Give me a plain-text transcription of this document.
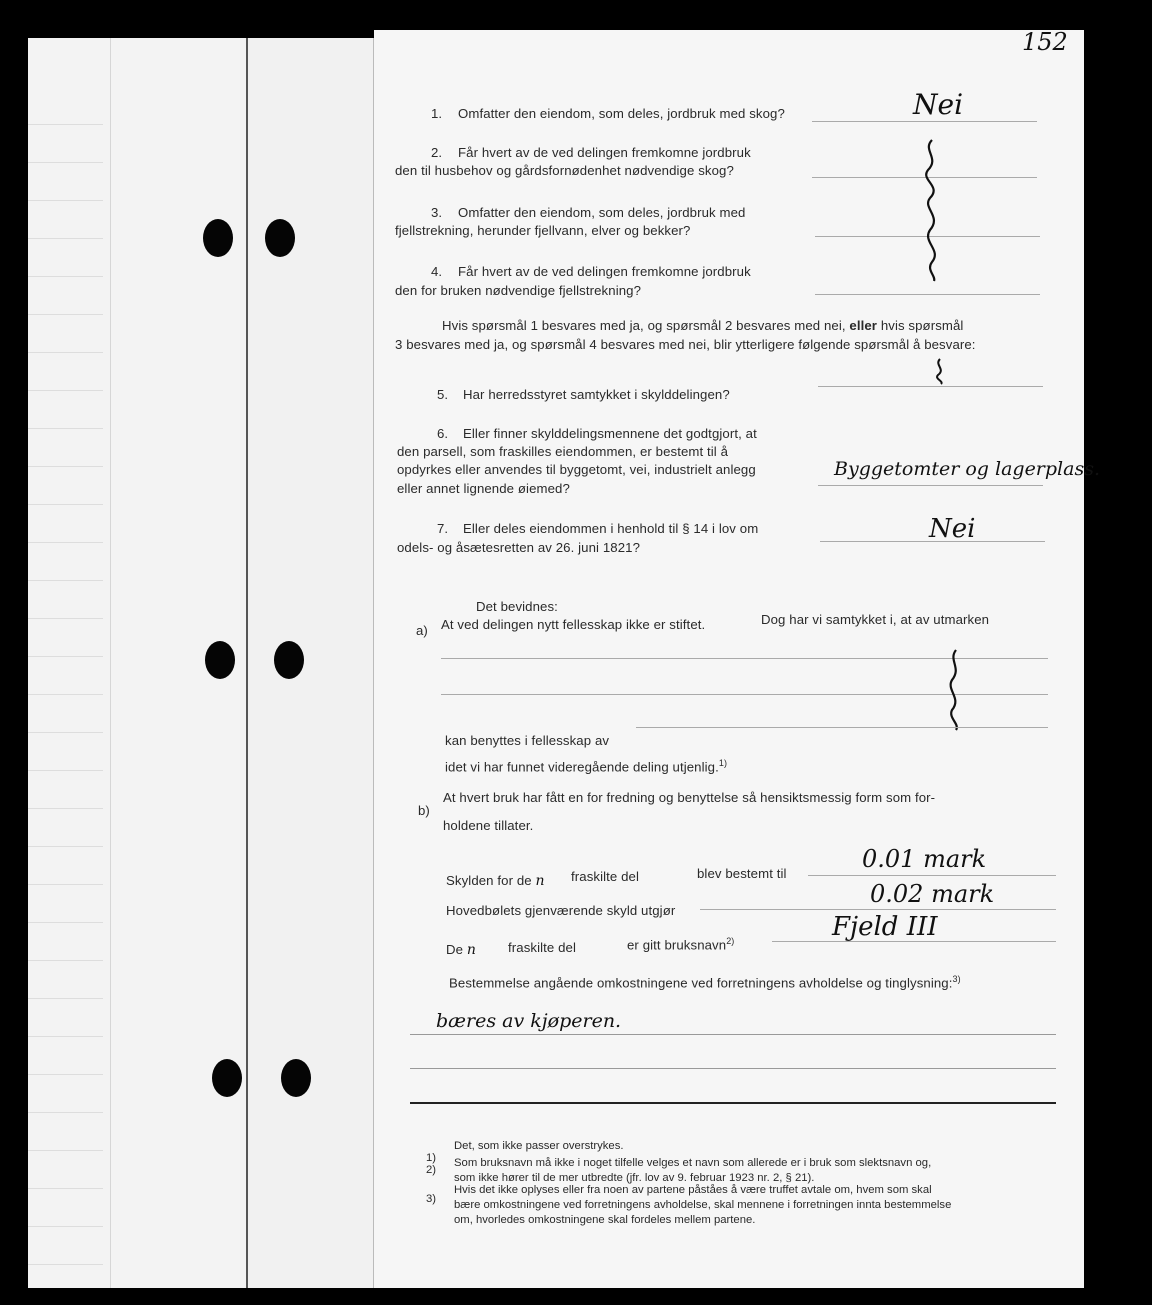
152
1. Omfatter den eiendom, som deles, jordbruk med skog?	Nei
2. Får hvert av de ved delingen fremkomne jordbruk
den til husbehov og gårdsfornødenhet nødvendige skog?
3. Omfatter den eiendom, som deles, jordbruk med
fjellstrekning, herunder fjellvann, elver og bekker?
4. Får hvert av de ved delingen fremkomne jordbruk
den for bruken nødvendige fjellstrekning?
Hvis spørsmål 1 besvares med ja, og spørsmål 2 besvares med nei, eller hvis spørsmål
3 besvares med ja, og spørsmål 4 besvares med nei, blir ytterligere følgende spørsmål å besvare:
5. Har herredsstyret samtykket i skylddelingen?
6. Eller finner skylddelingsmennene det godtgjort, at
den parsell, som fraskilles eiendommen, er bestemt til å
opdyrkes eller anvendes til byggetomt, vei, industrielt anlegg
eller annet lignende øiemed?
Byggetomter og lagerplass.
7. Eller deles eiendommen i henhold til § 14 i lov om
odels- og åsætesretten av 26. juni 1821?
Nei
Det bevidnes:
a) At ved delingen nytt fellesskap ikke er stiftet.	Dog har vi samtykket i, at av utmarken
kan benyttes i fellesskap av
idet vi har funnet videregående deling utjenlig.$^{1)}$
b)
At hvert bruk har fått en for fredning og benyttelse så hensiktsmessig form som for-
holdene tillater.
Skylden for de n fraskilte del	blev bestemt til
0.01 mark
Hovedbølets gjenværende skyld utgjør
0.02 mark
De n fraskilte del	er gitt bruksnavn$^{2)}$	Fjeld III
Bestemmelse angående omkostningene ved forretningens avholdelse og tinglysning:$^{3)}$
bæres av kjøperen.
1)
Det, som ikke passer overstrykes.
2)
Som bruksnavn må ikke i noget tilfelle velges et navn som allerede er i bruk som slektsnavn og,
som ikke hører til de mer utbredte (jfr. lov av 9. februar 1923 nr. 2, § 21).
3)
Hvis det ikke oplyses eller fra noen av partene påståes å være truffet avtale om, hvem som skal
bære omkostningene ved forretningens avholdelse, skal mennene i forretningen innta bestemmelse
om, hvorledes omkostningene skal fordeles mellem partene.
